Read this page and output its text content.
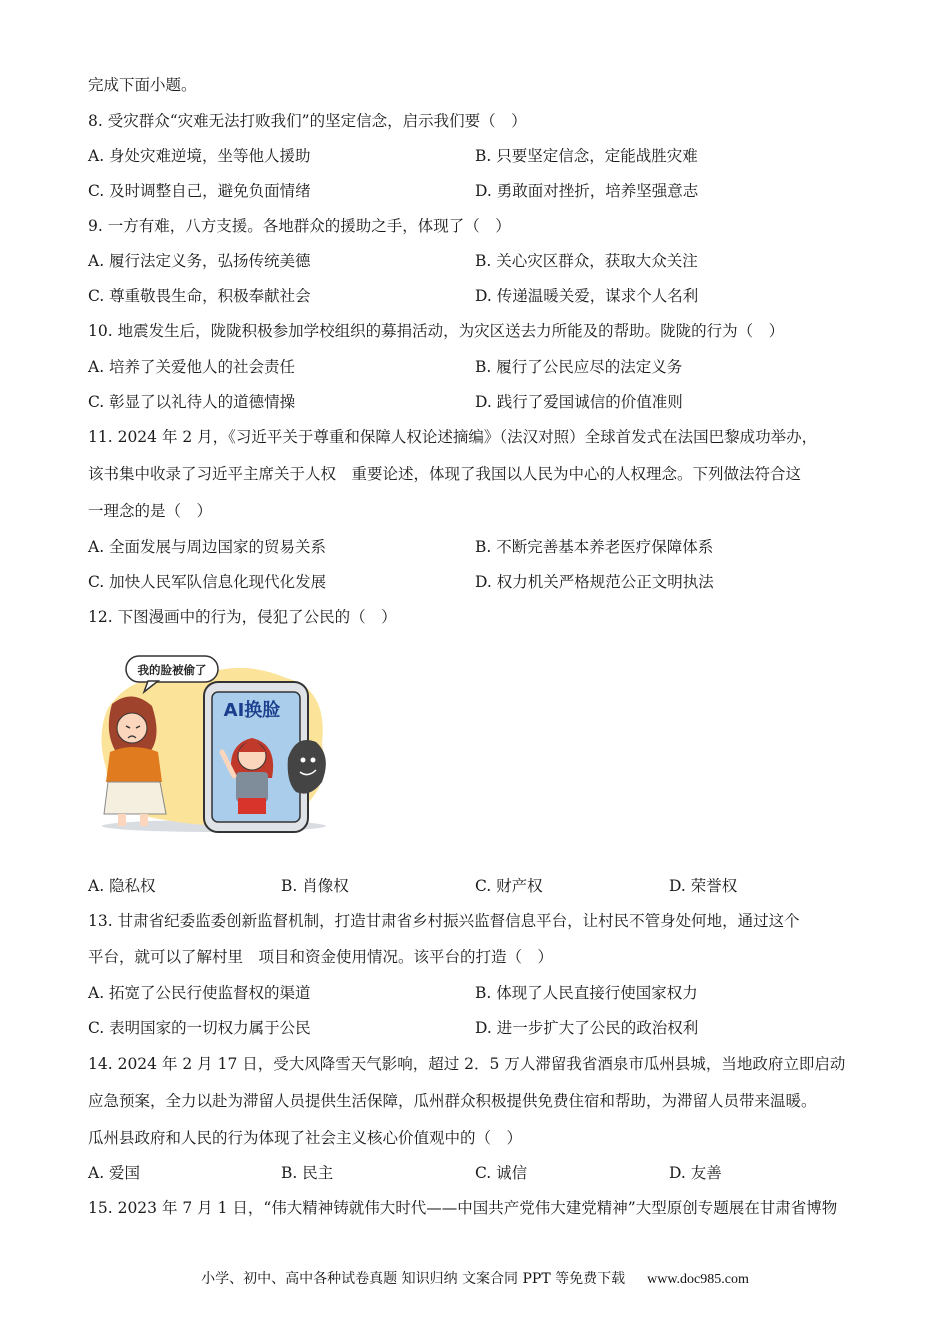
完成下面小题。
8. 受灾群众“灾难无法打败我们”的坚定信念，启示我们要（　）
A. 身处灾难逆境，坐等他人援助	B. 只要坚定信念，定能战胜灾难
C. 及时调整自己，避免负面情绪	D. 勇敢面对挫折，培养坚强意志
9. 一方有难，八方支援。各地群众的援助之手，体现了（　）
A. 履行法定义务，弘扬传统美德	B. 关心灾区群众，获取大众关注
C. 尊重敬畏生命，积极奉献社会	D. 传递温暖关爱，谋求个人名利
10. 地震发生后，陇陇积极参加学校组织的募捐活动，为灾区送去力所能及的帮助。陇陇的行为（　）
A. 培养了关爱他人的社会责任	B. 履行了公民应尽的法定义务
C. 彰显了以礼待人的道德情操	D. 践行了爱国诚信的价值准则
11. 2024 年 2 月，《习近平关于尊重和保障人权论述摘编》（法汉对照）全球首发式在法国巴黎成功举办，
该书集中收录了习近平主席关于人权　重要论述，体现了我国以人民为中心的人权理念。下列做法符合这
一理念的是（　）
A. 全面发展与周边国家的贸易关系	B. 不断完善基本养老医疗保障体系
C. 加快人民军队信息化现代化发展	D. 权力机关严格规范公正文明执法
12. 下图漫画中的行为，侵犯了公民的（　）
我的脸被偷了
AI换脸
A. 隐私权	B. 肖像权	C. 财产权	D. 荣誉权
13. 甘肃省纪委监委创新监督机制，打造甘肃省乡村振兴监督信息平台，让村民不管身处何地，通过这个
平台，就可以了解村里　项目和资金使用情况。该平台的打造（　）
A. 拓宽了公民行使监督权的渠道	B. 体现了人民直接行使国家权力
C. 表明国家的一切权力属于公民	D. 进一步扩大了公民的政治权利
14. 2024 年 2 月 17 日，受大风降雪天气影响，超过 2．5 万人滞留我省酒泉市瓜州县城，当地政府立即启动
应急预案，全力以赴为滞留人员提供生活保障，瓜州群众积极提供免费住宿和帮助，为滞留人员带来温暖。
瓜州县政府和人民的行为体现了社会主义核心价值观中的（　）
A. 爱国	B. 民主	C. 诚信	D. 友善
15. 2023 年 7 月 1 日，“伟大精神铸就伟大时代——中国共产党伟大建党精神”大型原创专题展在甘肃省博物
小学、初中、高中各种试卷真题 知识归纳 文案合同 PPT 等免费下载 www.doc985.com
